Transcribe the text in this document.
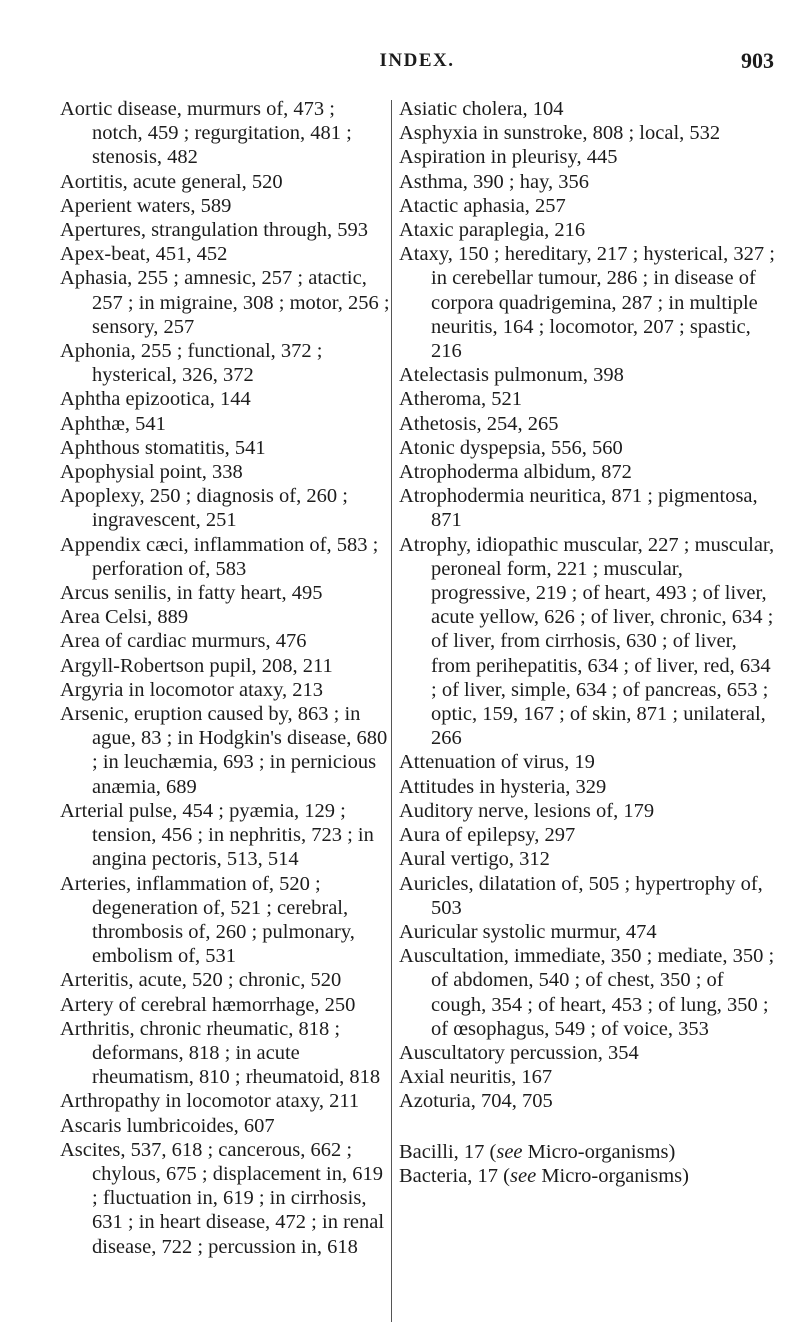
INDEX.	903
Aortic disease, murmurs of, 473 ; notch, 459 ; regurgitation, 481 ; stenosis, 482
Aortitis, acute general, 520
Aperient waters, 589
Apertures, strangulation through, 593
Apex-beat, 451, 452
Aphasia, 255 ; amnesic, 257 ; atactic, 257 ; in migraine, 308 ; motor, 256 ; sensory, 257
Aphonia, 255 ; functional, 372 ; hysterical, 326, 372
Aphtha epizootica, 144
Aphthæ, 541
Aphthous stomatitis, 541
Apophysial point, 338
Apoplexy, 250 ; diagnosis of, 260 ; ingravescent, 251
Appendix cæci, inflammation of, 583 ; perforation of, 583
Arcus senilis, in fatty heart, 495
Area Celsi, 889
Area of cardiac murmurs, 476
Argyll-Robertson pupil, 208, 211
Argyria in locomotor ataxy, 213
Arsenic, eruption caused by, 863 ; in ague, 83 ; in Hodgkin's disease, 680 ; in leuchæmia, 693 ; in pernicious anæmia, 689
Arterial pulse, 454 ; pyæmia, 129 ; tension, 456 ; in nephritis, 723 ; in angina pectoris, 513, 514
Arteries, inflammation of, 520 ; degeneration of, 521 ; cerebral, thrombosis of, 260 ; pulmonary, embolism of, 531
Arteritis, acute, 520 ; chronic, 520
Artery of cerebral hæmorrhage, 250
Arthritis, chronic rheumatic, 818 ; deformans, 818 ; in acute rheumatism, 810 ; rheumatoid, 818
Arthropathy in locomotor ataxy, 211
Ascaris lumbricoides, 607
Ascites, 537, 618 ; cancerous, 662 ; chylous, 675 ; displacement in, 619 ; fluctuation in, 619 ; in cirrhosis, 631 ; in heart disease, 472 ; in renal disease, 722 ; percussion in, 618
Asiatic cholera, 104
Asphyxia in sunstroke, 808 ; local, 532
Aspiration in pleurisy, 445
Asthma, 390 ; hay, 356
Atactic aphasia, 257
Ataxic paraplegia, 216
Ataxy, 150 ; hereditary, 217 ; hysterical, 327 ; in cerebellar tumour, 286 ; in disease of corpora quadrigemina, 287 ; in multiple neuritis, 164 ; locomotor, 207 ; spastic, 216
Atelectasis pulmonum, 398
Atheroma, 521
Athetosis, 254, 265
Atonic dyspepsia, 556, 560
Atrophoderma albidum, 872
Atrophodermia neuritica, 871 ; pigmentosa, 871
Atrophy, idiopathic muscular, 227 ; muscular, peroneal form, 221 ; muscular, progressive, 219 ; of heart, 493 ; of liver, acute yellow, 626 ; of liver, chronic, 634 ; of liver, from cirrhosis, 630 ; of liver, from perihepatitis, 634 ; of liver, red, 634 ; of liver, simple, 634 ; of pancreas, 653 ; optic, 159, 167 ; of skin, 871 ; unilateral, 266
Attenuation of virus, 19
Attitudes in hysteria, 329
Auditory nerve, lesions of, 179
Aura of epilepsy, 297
Aural vertigo, 312
Auricles, dilatation of, 505 ; hypertrophy of, 503
Auricular systolic murmur, 474
Auscultation, immediate, 350 ; mediate, 350 ; of abdomen, 540 ; of chest, 350 ; of cough, 354 ; of heart, 453 ; of lung, 350 ; of œsophagus, 549 ; of voice, 353
Auscultatory percussion, 354
Axial neuritis, 167
Azoturia, 704, 705
Bacilli, 17 (see Micro-organisms)
Bacteria, 17 (see Micro-organisms)
